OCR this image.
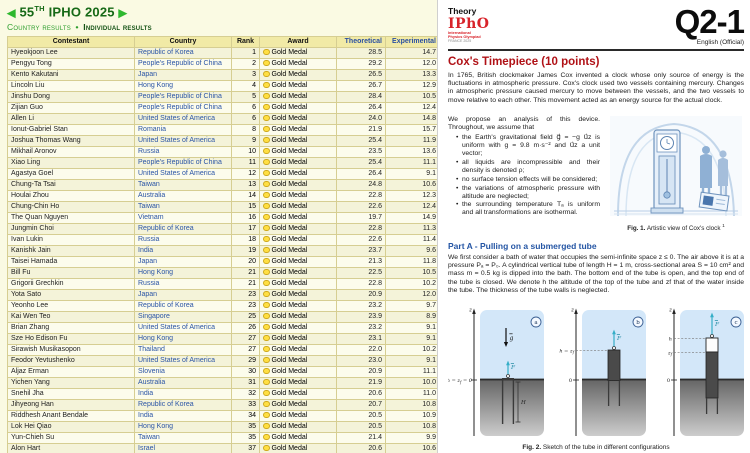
◀ 55TH IPHO 2025 ▶
Country results • Individual results
Contestant	Country	Rank	Award	Theoretical	Experimental	
Hyeokjoon Lee	Republic of Korea	1	Gold Medal	28.5	14.7	
Pengyu Tong	People's Republic of China	2	Gold Medal	29.2	12.0	
Kento Kakutani	Japan	3	Gold Medal	26.5	13.3	
Lincoln Liu	Hong Kong	4	Gold Medal	26.7	12.9	
Jinshu Dong	People's Republic of China	5	Gold Medal	28.4	10.5	
Zijian Guo	People's Republic of China	6	Gold Medal	26.4	12.4	
Allen Li	United States of America	6	Gold Medal	24.0	14.8	
Ionut-Gabriel Stan	Romania	8	Gold Medal	21.9	15.7	
Joshua Thomas Wang	United States of America	9	Gold Medal	25.4	11.9	
Mikhail Aronov	Russia	10	Gold Medal	23.5	13.6	
Xiao Ling	People's Republic of China	11	Gold Medal	25.4	11.1	
Agastya Goel	United States of America	12	Gold Medal	26.4	9.1	
Chung-Ta Tsai	Taiwan	13	Gold Medal	24.8	10.6	
Houlai Zhou	Australia	14	Gold Medal	22.8	12.3	
Chung-Chin Ho	Taiwan	15	Gold Medal	22.6	12.4	
The Quan Nguyen	Vietnam	16	Gold Medal	19.7	14.9	
Jungmin Choi	Republic of Korea	17	Gold Medal	22.8	11.3	
Ivan Lukin	Russia	18	Gold Medal	22.6	11.4	
Kanishk Jain	India	19	Gold Medal	23.7	9.6	
Taisei Hamada	Japan	20	Gold Medal	21.3	11.8	
Bill Fu	Hong Kong	21	Gold Medal	22.5	10.5	
Grigorii Grechkin	Russia	21	Gold Medal	22.8	10.2	
Yota Sato	Japan	23	Gold Medal	20.9	12.0	
Yeonho Lee	Republic of Korea	23	Gold Medal	23.2	9.7	
Kai Wen Teo	Singapore	25	Gold Medal	23.9	8.9	
Brian Zhang	United States of America	26	Gold Medal	23.2	9.1	
Sze Ho Edison Fu	Hong Kong	27	Gold Medal	23.1	9.1	
Sirawish Musikasopon	Thailand	27	Gold Medal	22.0	10.2	
Feodor Yevtushenko	United States of America	29	Gold Medal	23.0	9.1	
Aljaz Erman	Slovenia	30	Gold Medal	20.9	11.1	
Yichen Yang	Australia	31	Gold Medal	21.9	10.0	
Snehil Jha	India	32	Gold Medal	20.6	11.0	
Jihyeong Han	Republic of Korea	33	Gold Medal	20.7	10.8	
Riddhesh Anant Bendale	India	34	Gold Medal	20.5	10.9	
Lok Hei Qiao	Hong Kong	35	Gold Medal	20.5	10.8	
Yun-Chieh Su	Taiwan	35	Gold Medal	21.4	9.9	
Alon Hart	Israel	37	Gold Medal	20.6	10.6	
Theory
IPhO
International
Physics Olympiad
FRANCE 2025
Q2-1
English (Official)
Cox's Timepiece (10 points)

In 1765, British clockmaker James Cox invented a clock whose only source of energy is the fluctuations in atmospheric pressure. Cox's clock used two vessels containing mercury. Changes in atmospheric pressure caused mercury to move between the vessels, and the two vessels to move relative to each other. This movement acted as an energy source for the actual clock.

We propose an analysis of this device. Throughout, we assume that

• the Earth's gravitational field g⃗ = −g u⃗z is uniform with g = 9.8 m·s⁻² and u⃗z a unit vector;
• all liquids are incompressible and their density is denoted ρ;
• no surface tension effects will be considered;
• the variations of atmospheric pressure with altitude are neglected;
• the surrounding temperature Tₐ is uniform and all transformations are isothermal.
Fig. 1. Artistic view of Cox's clock $^1$
Part A - Pulling on a submerged tube

We first consider a bath of water that occupies the semi-infinite space z ≤ 0. The air above it is at a pressure Pₐ = P₀. A cylindrical vertical tube of length H = 1 m, cross-sectional area S = 10 cm² and mass m = 0.5 kg is dipped into the bath. The bottom end of the tube is open, and the top end of the tube is closed. We denote h the altitude of the top of the tube and zf that of the water inside the tube. The thickness of the tube walls is neglected.

z
g
a
F
H
$h = z_f = 0$
z
b
F
$h = z_f$
0
z
c
F
h
$z_f$
0
Fig. 2. Sketch of the tube in different configurations
